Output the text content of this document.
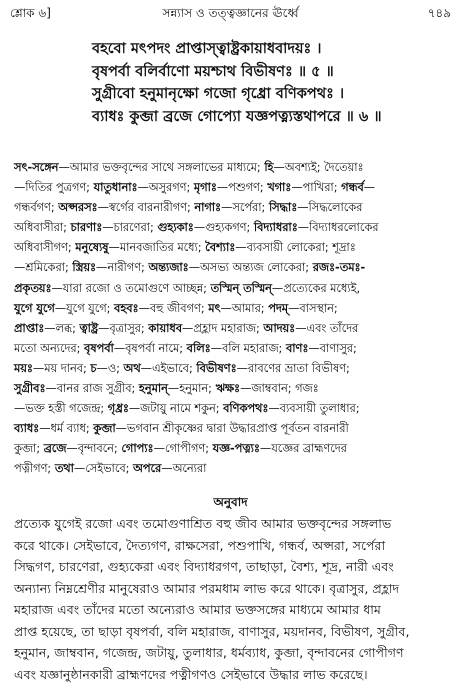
শ্লোক ৬]	সন্ন্যাস ও তত্ত্বজ্ঞানের ঊর্ধ্বে	৭৪৯
বহবো মৎপদং প্রাপ্তাস্ত্বাষ্ট্রকায়াধবাদয়ঃ ।
বৃষপর্বা বলির্বাণো ময়শ্চাথ বিভীষণঃ ॥ ৫ ॥
সুগ্রীবো হনুমানৃক্ষো গজো গৃধ্রো বণিকপথঃ ।
ব্যাধঃ কুব্জা ব্রজে গোপ্যো যজ্ঞপত্ন্যস্তথাপরে ॥ ৬ ॥
সৎ-সঙ্গেন—আমার ভক্তবৃন্দের সাথে সঙ্গলাভের মাধ্যমে; হি—অবশ্যই; দৈতেয়াঃ
—দিতির পুত্রগণ; যাতুধানাঃ—অসুরগণ; মৃগাঃ—পশুগণ; খগাঃ—পাখিরা; গন্ধর্ব—
গন্ধর্বগণ; অপ্সরসঃ—স্বর্গের বারনারীগণ; নাগাঃ—সর্পেরা; সিদ্ধাঃ—সিদ্ধলোকের
অধিবাসীরা; চারণাঃ—চারণেরা; গুহ্যকাঃ—গুহ্যকগণ; বিদ্যাধরাঃ—বিদ্যাধরলোকের
অধিবাসীগণ; মনুষ্যেষু—মানবজাতির মধ্যে; বৈশ্যাঃ—ব্যবসায়ী লোকেরা; শূদ্রাঃ
—শ্রমিকেরা; স্ত্রিয়ঃ—নারীগণ; অন্ত্যজাঃ—অসভ্য অন্ত্যজ লোকেরা; রজঃ-তমঃ-
প্রকৃতয়ঃ—যারা রজো ও তমোগুণে আচ্ছন্ন; তস্মিন্ তস্মিন্—প্রত্যেকের মধ্যেই,
যুগে যুগে—যুগে যুগে; বহবঃ—বহু জীবগণ; মৎ—আমার; পদম্—বাসস্থান;
প্রাপ্তাঃ—লব্ধ; ত্বাষ্ট্র—বৃত্রাসুর; কায়াধব—প্রহ্লাদ মহারাজ; আদয়ঃ—এবং তাঁদের
মতো অন্যদের; বৃষপর্বা—বৃষপর্বা নামে; বলিঃ—বলি মহারাজ; বাণঃ—বাণাসুর;
ময়ঃ—ময় দানব; চ—ও; অথ—এইভাবে; বিভীষণঃ—রাবণের ভ্রাতা বিভীষণ;
সুগ্রীবঃ—বানর রাজ সুগ্রীব; হনুমান্—হনুমান; ঋক্ষঃ—জাম্ববান; গজঃ
—ভক্ত হস্তী গজেন্দ্র; গৃধ্রঃ—জটায়ু নামে শকুন; বণিকপথঃ—ব্যবসায়ী তুলাধার;
ব্যাধঃ—ধর্ম ব্যাধ; কুব্জা—ভগবান শ্রীকৃষ্ণের দ্বারা উদ্ধারপ্রাপ্ত পূর্বতন বারনারী
কুব্জা; ব্রজে—বৃন্দাবনে; গোপ্যঃ—গোপীগণ; যজ্ঞ-পত্ন্যঃ—যজ্ঞের ব্রাহ্মণদের
পত্নীগণ; তথা—সেইভাবে; অপরে—অন্যেরা
অনুবাদ
প্রত্যেক যুগেই রজো এবং তমোগুণাশ্রিত বহু জীব আমার ভক্তবৃন্দের সঙ্গলাভ
করে থাকে। সেইভাবে, দৈত্যগণ, রাক্ষসেরা, পশুপাখি, গন্ধর্ব, অপ্সরা, সর্পেরা
সিদ্ধগণ, চারণেরা, গুহ্যকেরা এবং বিদ্যাধরগণ, তাছাড়া, বৈশ্য, শূদ্র, নারী এবং
অন্যান্য নিম্নশ্রেণীর মানুষেরাও আমার পরমধাম লাভ করে থাকে। বৃত্রাসুর, প্রহ্লাদ
মহারাজ এবং তাঁদের মতো অন্যেরাও আমার ভক্তসঙ্গের মাধ্যমে আমার ধাম
প্রাপ্ত হয়েছে, তা ছাড়া বৃষপর্বা, বলি মহারাজ, বাণাসুর, ময়দানব, বিভীষণ, সুগ্রীব,
হনুমান, জাম্ববান, গজেন্দ্র, জটায়ু, তুলাধার, ধর্মব্যাধ, কুব্জা, বৃন্দাবনের গোপীগণ
এবং যজ্ঞানুষ্ঠানকারী ব্রাহ্মণদের পত্নীগণও সেইভাবে উদ্ধার লাভ করেছে।
